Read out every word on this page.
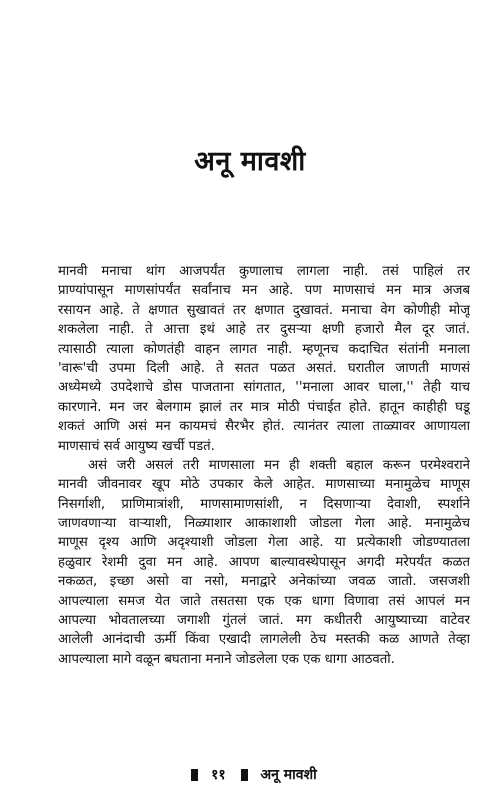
अनू मावशी
मानवी मनाचा थांग आजपर्यंत कुणालाच लागला नाही. तसं पाहिलं तर
प्राण्यांपासून माणसांपर्यंत सर्वांनाच मन आहे. पण माणसाचं मन मात्र अजब
रसायन आहे. ते क्षणात सुखावतं तर क्षणात दुखावतं. मनाचा वेग कोणीही मोजू
शकलेला नाही. ते आत्ता इथं आहे तर दुसऱ्या क्षणी हजारो मैल दूर जातं.
त्यासाठी त्याला कोणतंही वाहन लागत नाही. म्हणूनच कदाचित संतांनी मनाला
'वारू'ची उपमा दिली आहे. ते सतत पळत असतं. घरातील जाणती माणसं
अध्येमध्ये उपदेशाचे डोस पाजताना सांगतात, ''मनाला आवर घाला,'' तेही याच
कारणाने. मन जर बेलगाम झालं तर मात्र मोठी पंचाईत होते. हातून काहीही घडू
शकतं आणि असं मन कायमचं सैरभैर होतं. त्यानंतर त्याला ताळ्यावर आणायला
माणसाचं सर्व आयुष्य खर्ची पडतं.
असं जरी असलं तरी माणसाला मन ही शक्ती बहाल करून परमेश्वराने
मानवी जीवनावर खूप मोठे उपकार केले आहेत. माणसाच्या मनामुळेच माणूस
निसर्गाशी, प्राणिमात्रांशी, माणसामाणसांशी, न दिसणाऱ्या देवाशी, स्पर्शाने
जाणवणाऱ्या वाऱ्याशी, निळ्याशार आकाशाशी जोडला गेला आहे. मनामुळेच
माणूस दृश्य आणि अदृश्याशी जोडला गेला आहे. या प्रत्येकाशी जोडण्यातला
हळुवार रेशमी दुवा मन आहे. आपण बाल्यावस्थेपासून अगदी मरेपर्यंत कळत
नकळत, इच्छा असो वा नसो, मनाद्वारे अनेकांच्या जवळ जातो. जसजशी
आपल्याला समज येत जाते तसतसा एक एक धागा विणावा तसं आपलं मन
आपल्या भोवतालच्या जगाशी गुंतलं जातं. मग कधीतरी आयुष्याच्या वाटेवर
आलेली आनंदाची ऊर्मी किंवा एखादी लागलेली ठेच मस्तकी कळ आणते तेव्हा
आपल्याला मागे वळून बघताना मनाने जोडलेला एक एक धागा आठवतो.
११ अनू मावशी
